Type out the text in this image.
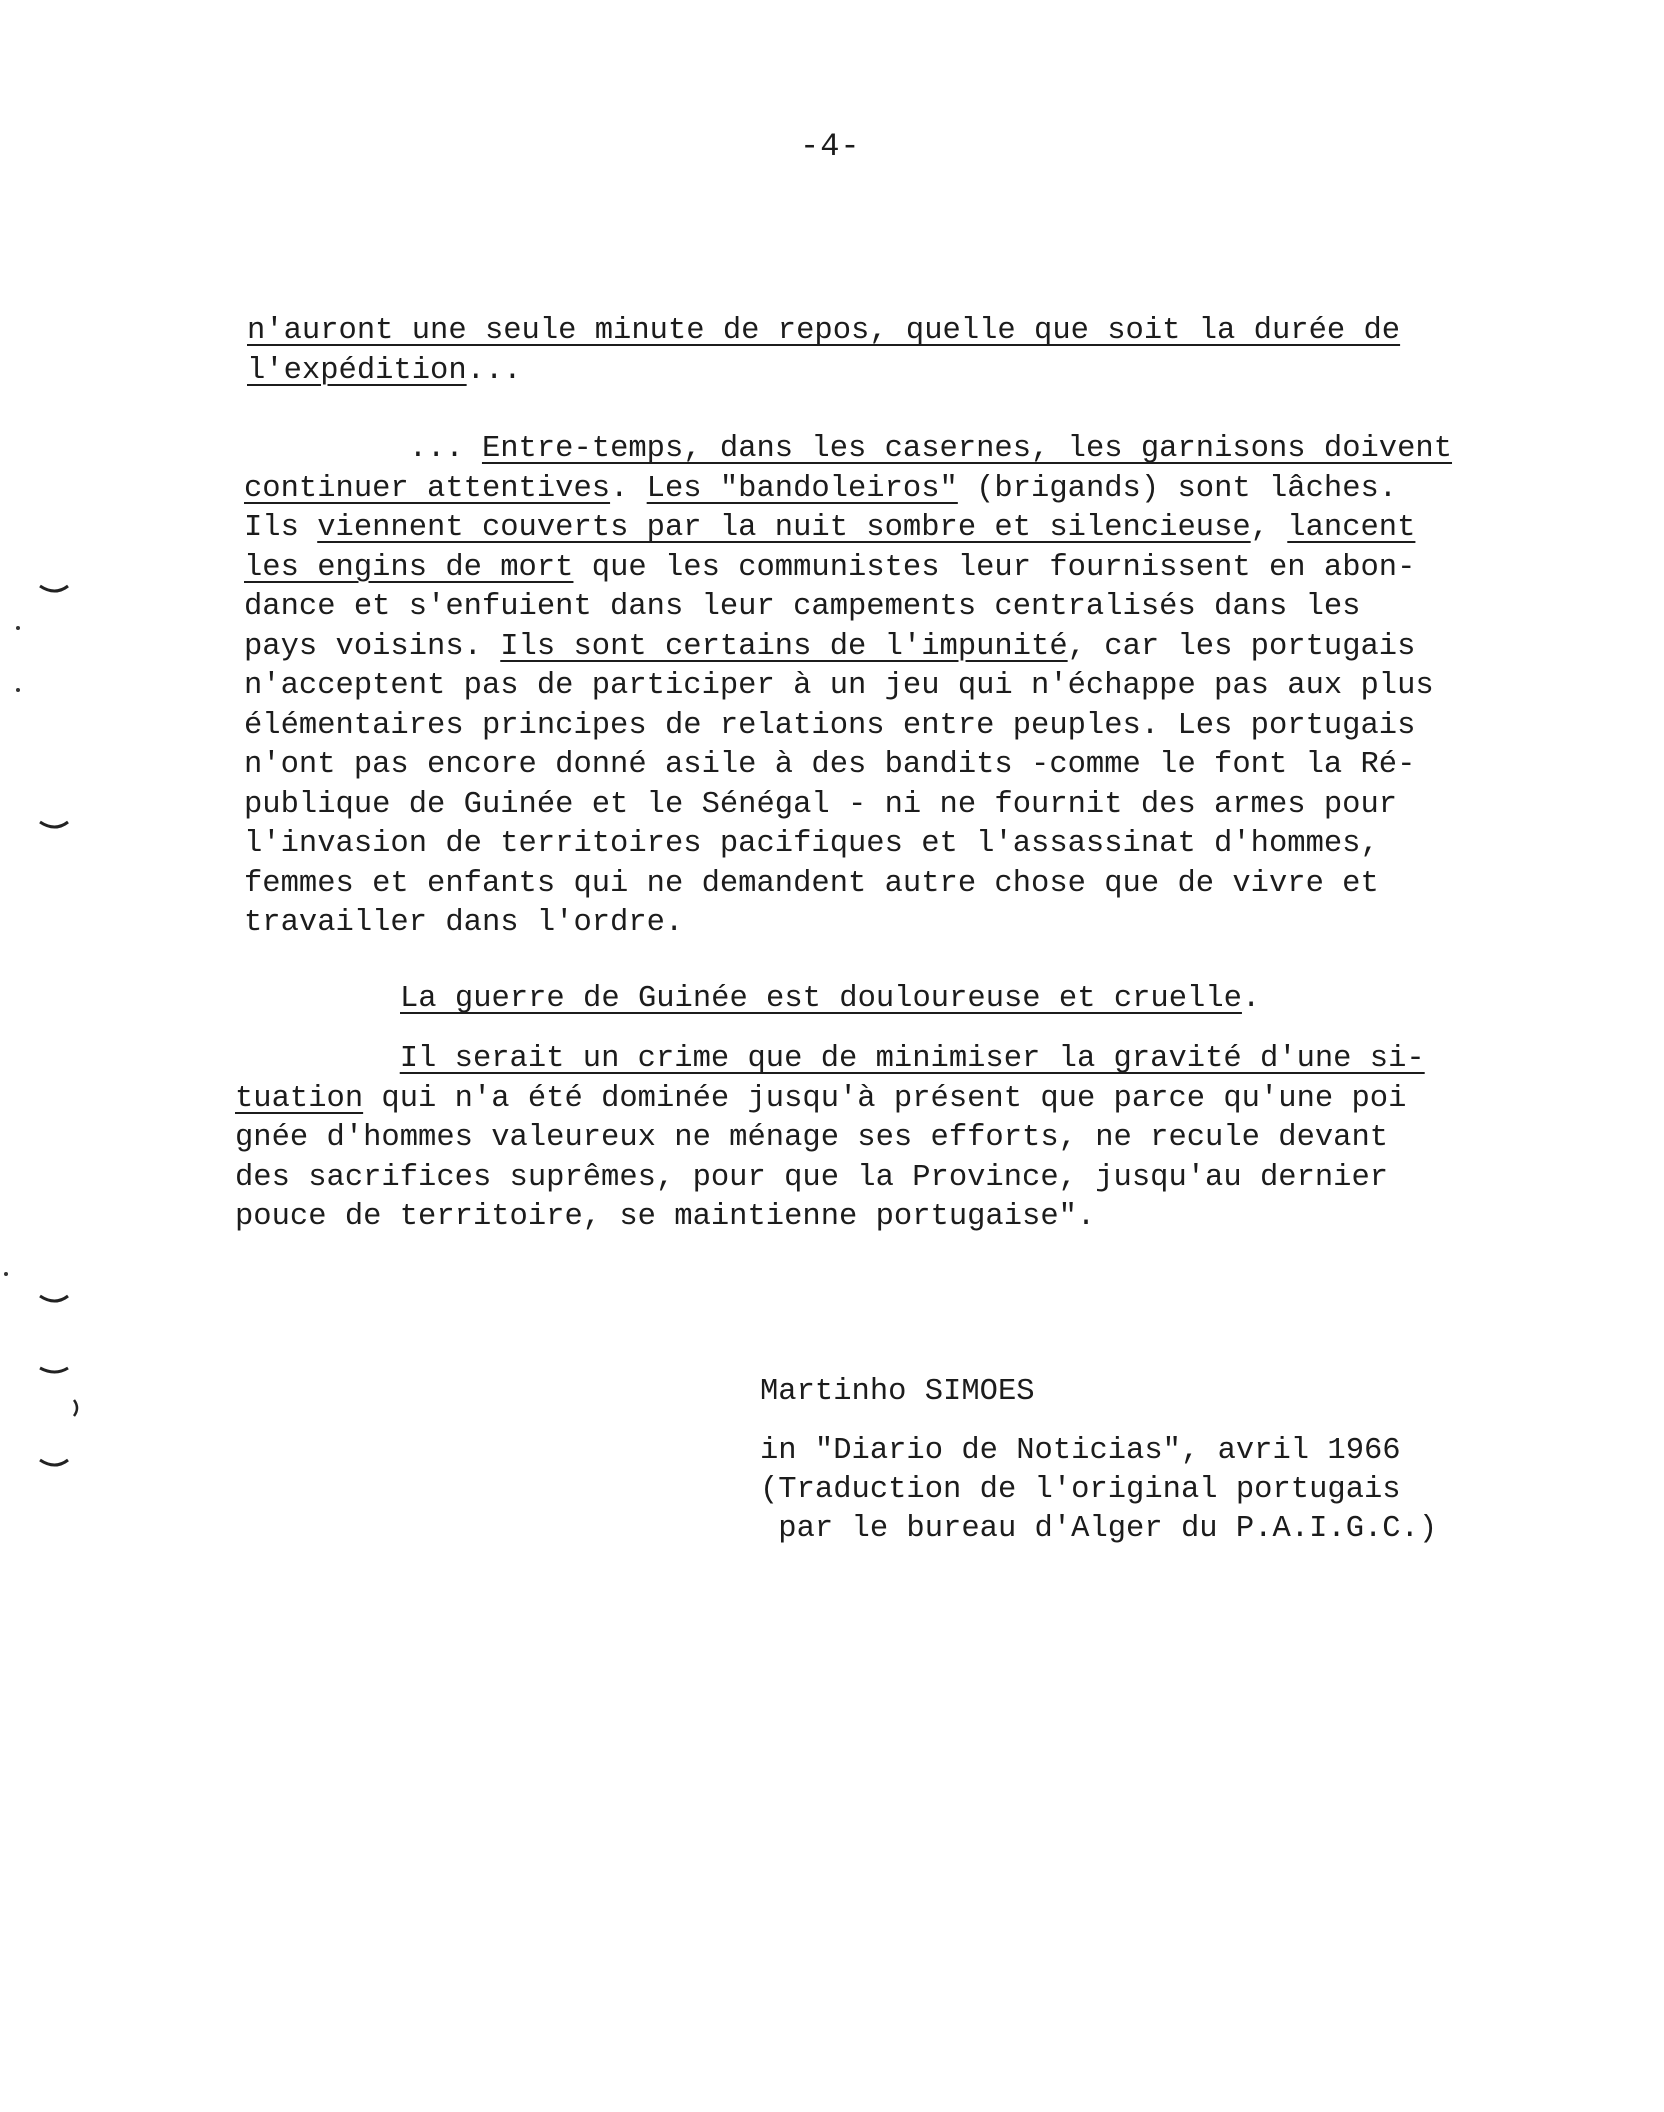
-4-
n'auront une seule minute de repos, quelle que soit la durée de
l'expédition...
... Entre-temps, dans les casernes, les garnisons doivent
continuer attentives. Les "bandoleiros" (brigands) sont lâches.
Ils viennent couverts par la nuit sombre et silencieuse, lancent
les engins de mort que les communistes leur fournissent en abon-
dance et s'enfuient dans leur campements centralisés dans les
pays voisins. Ils sont certains de l'impunité, car les portugais
n'acceptent pas de participer à un jeu qui n'échappe pas aux plus
élémentaires principes de relations entre peuples. Les portugais
n'ont pas encore donné asile à des bandits -comme le font la Ré-
publique de Guinée et le Sénégal - ni ne fournit des armes pour
l'invasion de territoires pacifiques et l'assassinat d'hommes,
femmes et enfants qui ne demandent autre chose que de vivre et
travailler dans l'ordre.
La guerre de Guinée est douloureuse et cruelle.
Il serait un crime que de minimiser la gravité d'une si-
tuation qui n'a été dominée jusqu'à présent que parce qu'une poi
gnée d'hommes valeureux ne ménage ses efforts, ne recule devant
des sacrifices suprêmes, pour que la Province, jusqu'au dernier
pouce de territoire, se maintienne portugaise".
Martinho SIMOES
in "Diario de Noticias", avril 1966
(Traduction de l'original portugais
par le bureau d'Alger du P.A.I.G.C.)
